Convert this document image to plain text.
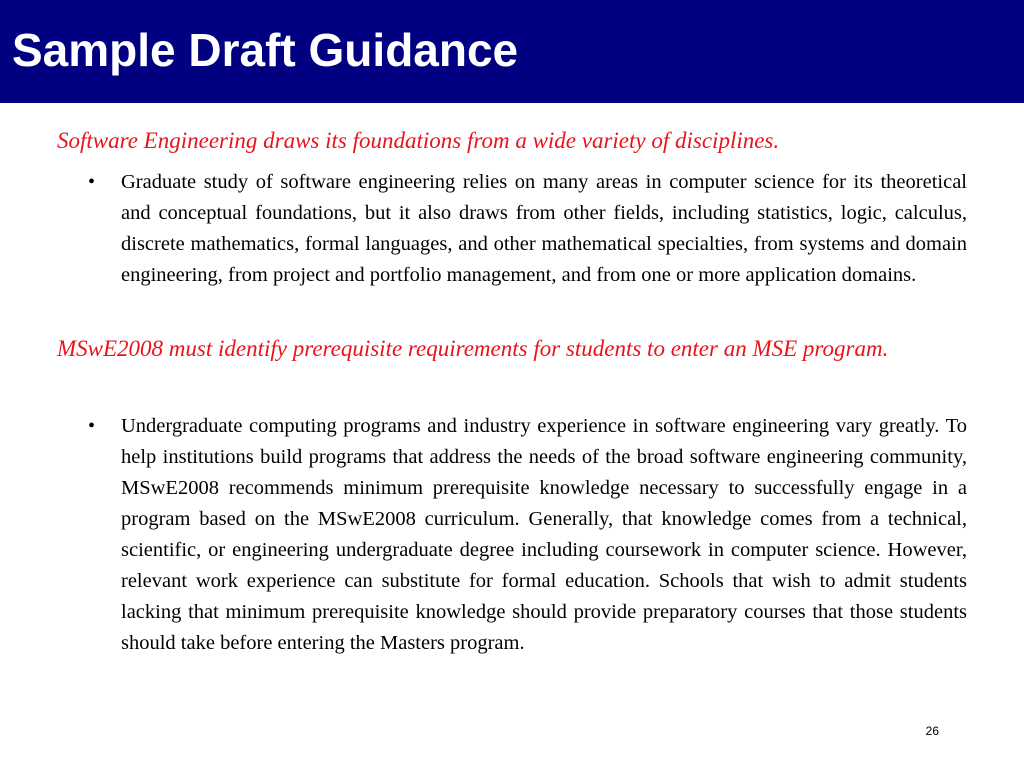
Sample Draft Guidance

Software Engineering draws its foundations from a wide variety of disciplines.

• Graduate study of software engineering relies on many areas in computer science for its theoretical and conceptual foundations, but it also draws from other fields, including statistics, logic, calculus, discrete mathematics, formal languages, and other mathematical specialties, from systems and domain engineering, from project and portfolio management, and from one or more application domains.

MSwE2008 must identify prerequisite requirements for students to enter an MSE program.

• Undergraduate computing programs and industry experience in software engineering vary greatly. To help institutions build programs that address the needs of the broad software engineering community, MSwE2008 recommends minimum prerequisite knowledge necessary to successfully engage in a program based on the MSwE2008 curriculum. Generally, that knowledge comes from a technical, scientific, or engineering undergraduate degree including coursework in computer science. However, relevant work experience can substitute for formal education. Schools that wish to admit students lacking that minimum prerequisite knowledge should provide preparatory courses that those students should take before entering the Masters program.

26
